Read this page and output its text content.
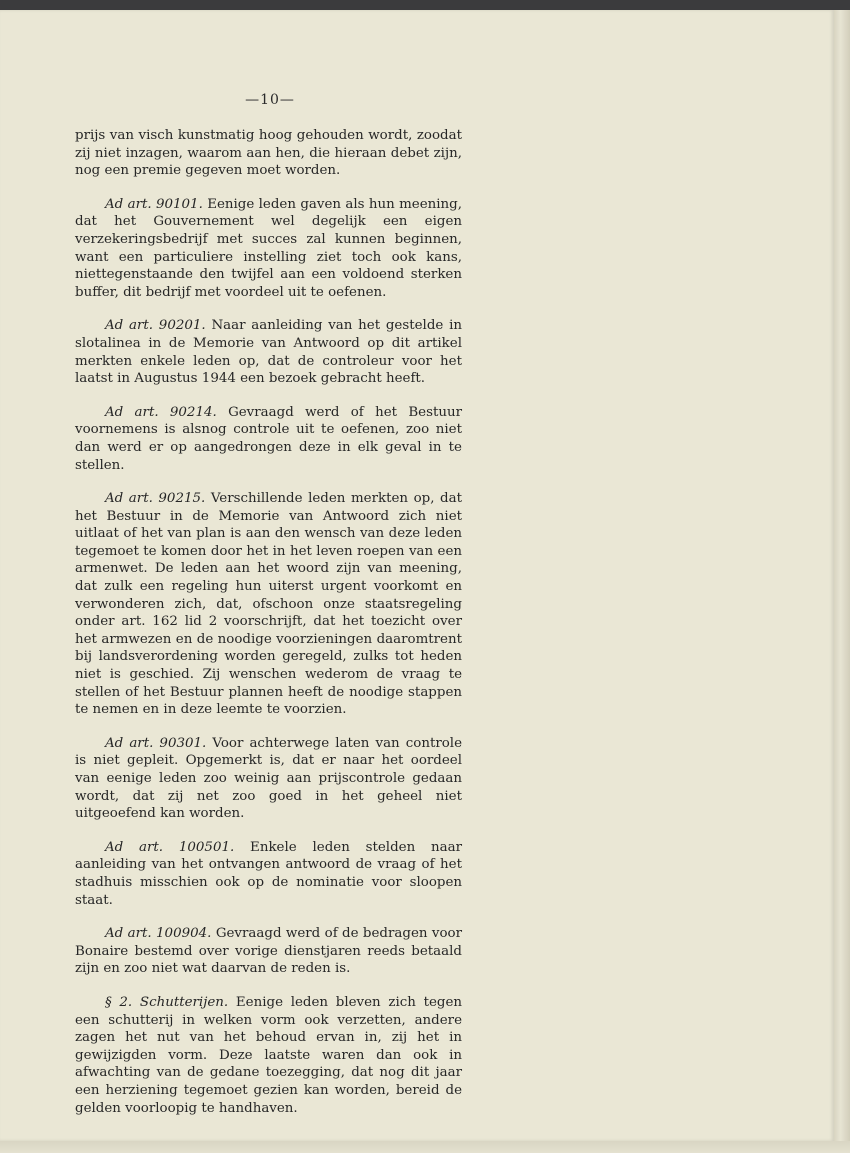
—10—

prijs van visch kunstmatig hoog gehouden wordt, zoodat zij niet inzagen, waarom aan hen, die hieraan debet zijn, nog een premie gegeven moet worden.

Ad art. 90101. Eenige leden gaven als hun meening, dat het Gouvernement wel degelijk een eigen verzekeringsbedrijf met succes zal kunnen beginnen, want een particuliere instelling ziet toch ook kans, niettegenstaande den twijfel aan een voldoend sterken buffer, dit bedrijf met voordeel uit te oefenen.

Ad art. 90201. Naar aanleiding van het gestelde in slotalinea in de Memorie van Antwoord op dit artikel merkten enkele leden op, dat de controleur voor het laatst in Augustus 1944 een bezoek gebracht heeft.

Ad art. 90214. Gevraagd werd of het Bestuur voornemens is alsnog controle uit te oefenen, zoo niet dan werd er op aangedrongen deze in elk geval in te stellen.

Ad art. 90215. Verschillende leden merkten op, dat het Bestuur in de Memorie van Antwoord zich niet uitlaat of het van plan is aan den wensch van deze leden tegemoet te komen door het in het leven roepen van een armenwet. De leden aan het woord zijn van meening, dat zulk een regeling hun uiterst urgent voorkomt en verwonderen zich, dat, ofschoon onze staatsregeling onder art. 162 lid 2 voorschrijft, dat het toezicht over het armwezen en de noodige voorzieningen daaromtrent bij landsverordening worden geregeld, zulks tot heden niet is geschied. Zij wenschen wederom de vraag te stellen of het Bestuur plannen heeft de noodige stappen te nemen en in deze leemte te voorzien.

Ad art. 90301. Voor achterwege laten van controle is niet gepleit. Opgemerkt is, dat er naar het oordeel van eenige leden zoo weinig aan prijscontrole gedaan wordt, dat zij net zoo goed in het geheel niet uitgeoefend kan worden.

Ad art. 100501. Enkele leden stelden naar aanleiding van het ontvangen antwoord de vraag of het stadhuis misschien ook op de nominatie voor sloopen staat.

Ad art. 100904. Gevraagd werd of de bedragen voor Bonaire bestemd over vorige dienstjaren reeds betaald zijn en zoo niet wat daarvan de reden is.

§ 2. Schutterijen. Eenige leden bleven zich tegen een schutterij in welken vorm ook verzetten, andere zagen het nut van het behoud ervan in, zij het in gewijzigden vorm. Deze laatste waren dan ook in afwachting van de gedane toezegging, dat nog dit jaar een herziening tegemoet gezien kan worden, bereid de gelden voorloopig te handhaven.
